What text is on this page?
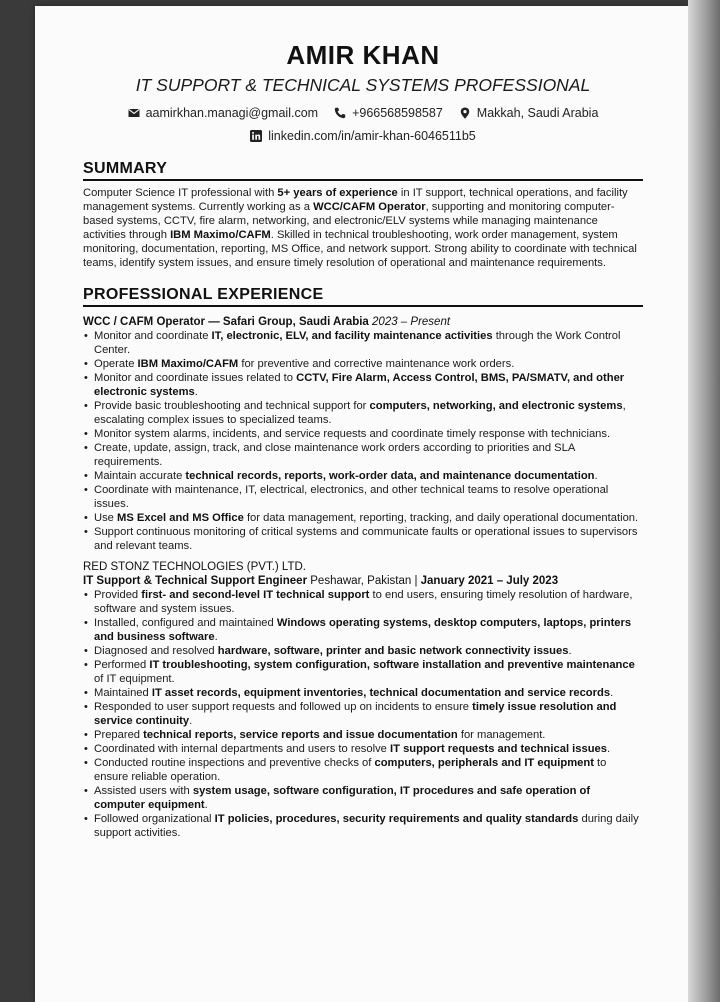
AMIR KHAN
IT SUPPORT & TECHNICAL SYSTEMS PROFESSIONAL
aamirkhan.managi@gmail.com	+966568598587	Makkah, Saudi Arabia
linkedin.com/in/amir-khan-6046511b5
SUMMARY
Computer Science IT professional with 5+ years of experience in IT support, technical operations, and facility management systems. Currently working as a WCC/CAFM Operator, supporting and monitoring computer-based systems, CCTV, fire alarm, networking, and electronic/ELV systems while managing maintenance activities through IBM Maximo/CAFM. Skilled in technical troubleshooting, work order management, system monitoring, documentation, reporting, MS Office, and network support. Strong ability to coordinate with technical teams, identify system issues, and ensure timely resolution of operational and maintenance requirements.
PROFESSIONAL EXPERIENCE
WCC / CAFM Operator — Safari Group, Saudi Arabia 2023 – Present
• Monitor and coordinate IT, electronic, ELV, and facility maintenance activities through the Work Control Center.
• Operate IBM Maximo/CAFM for preventive and corrective maintenance work orders.
• Monitor and coordinate issues related to CCTV, Fire Alarm, Access Control, BMS, PA/SMATV, and other electronic systems.
• Provide basic troubleshooting and technical support for computers, networking, and electronic systems, escalating complex issues to specialized teams.
• Monitor system alarms, incidents, and service requests and coordinate timely response with technicians.
• Create, update, assign, track, and close maintenance work orders according to priorities and SLA requirements.
• Maintain accurate technical records, reports, work-order data, and maintenance documentation.
• Coordinate with maintenance, IT, electrical, electronics, and other technical teams to resolve operational issues.
• Use MS Excel and MS Office for data management, reporting, tracking, and daily operational documentation.
• Support continuous monitoring of critical systems and communicate faults or operational issues to supervisors and relevant teams.
RED STONZ TECHNOLOGIES (PVT.) LTD.
IT Support & Technical Support Engineer Peshawar, Pakistan | January 2021 – July 2023
• Provided first- and second-level IT technical support to end users, ensuring timely resolution of hardware, software and system issues.
• Installed, configured and maintained Windows operating systems, desktop computers, laptops, printers and business software.
• Diagnosed and resolved hardware, software, printer and basic network connectivity issues.
• Performed IT troubleshooting, system configuration, software installation and preventive maintenance of IT equipment.
• Maintained IT asset records, equipment inventories, technical documentation and service records.
• Responded to user support requests and followed up on incidents to ensure timely issue resolution and service continuity.
• Prepared technical reports, service reports and issue documentation for management.
• Coordinated with internal departments and users to resolve IT support requests and technical issues.
• Conducted routine inspections and preventive checks of computers, peripherals and IT equipment to ensure reliable operation.
• Assisted users with system usage, software configuration, IT procedures and safe operation of computer equipment.
• Followed organizational IT policies, procedures, security requirements and quality standards during daily support activities.
